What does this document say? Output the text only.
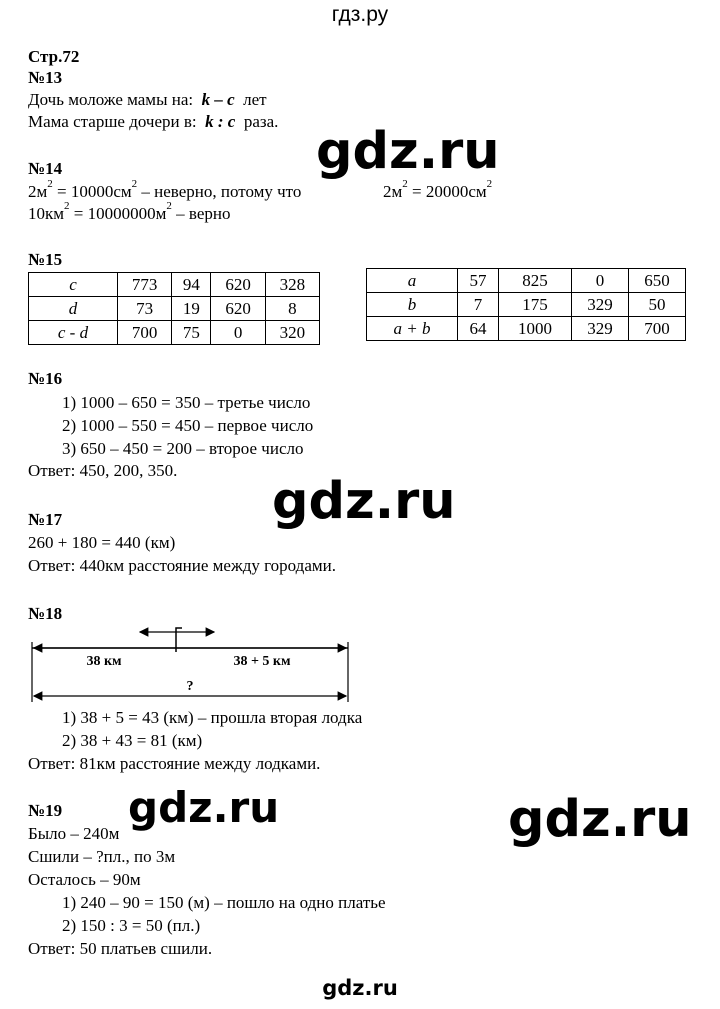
гдз.ру
gdz.ru
gdz.ru
gdz.ru	gdz.ru
Стр.72
№13
Дочь моложе мамы на: k – c лет
Мама старше дочери в: k : c раза.
№14
$2м^2 = 10000см^2$ – неверно, потому что	$2м^2 = 20000см^2$
$10км^2 = 10000000м^2$ – верно
№15
c	773	94	620	328
d	73	19	620	8
c - d	700	75	0	320
a	57	825	0	650
b	7	175	329	50
a + b	64	1000	329	700
№16
1) 1000 – 650 = 350 – третье число
2) 1000 – 550 = 450 – первое число
3) 650 – 450 = 200 – второе число
Ответ: 450, 200, 350.
№17
260 + 180 = 440 (км)
Ответ: 440км расстояние между городами.
№18
38 км	38 + 5 км
?
1) 38 + 5 = 43 (км) – прошла вторая лодка
2) 38 + 43 = 81 (км)
Ответ: 81км расстояние между лодками.
№19
Было – 240м
Сшили – ?пл., по 3м
Осталось – 90м
1) 240 – 90 = 150 (м) – пошло на одно платье
2) 150 : 3 = 50 (пл.)
Ответ: 50 платьев сшили.
gdz.ru
